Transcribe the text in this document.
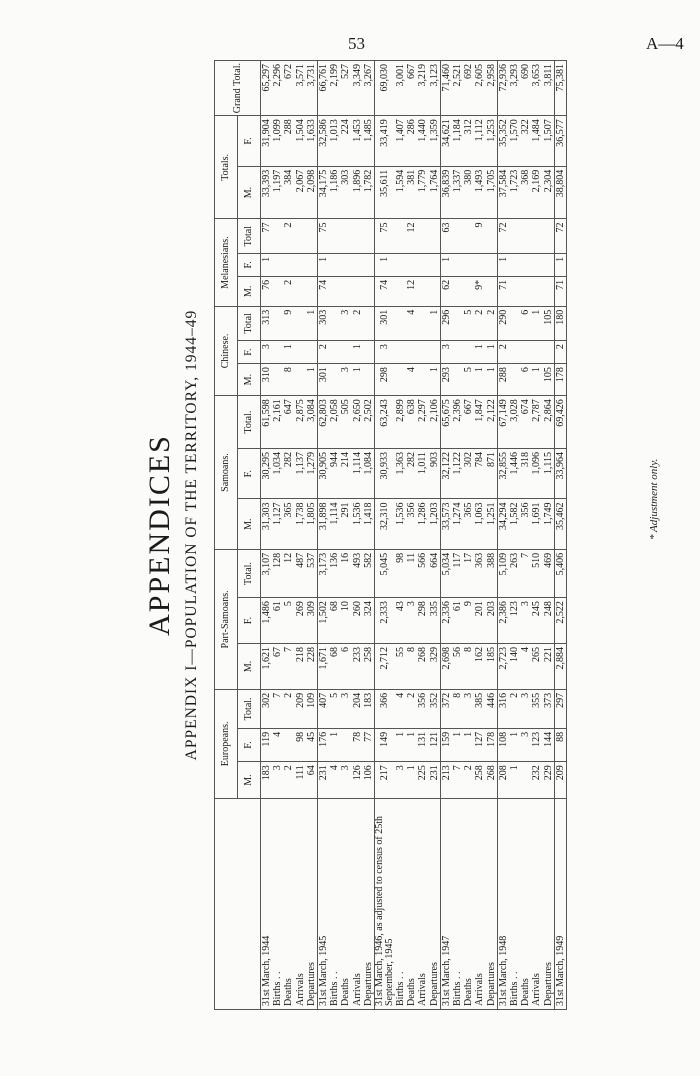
53	A—4
APPENDICES APPENDIX I—POPULATION OF THE TERRITORY, 1944–49
		Europeans.			Part-Samoans.			Samoans.			Chinese.			Melanesians.			Totals.		Grand Total.
	M.	F.	Total.	M.	F.	Total.	M.	F.	Total.	M.	F.	Total	M.	F.	Total	M.	F.	
31st March, 1944	183	119	302	1,621	1,486	3,107	31,303	30,295	61,598	310	3	313	76	1	77	33,393	31,904	65,297
Births . .	3	4	7	67	61	128	1,127	1,034	2,161							1,197	1,099	2,296
Deaths	2		2	7	5	12	365	282	647	8	1	9	2		2	384	288	672
Arrivals	111	98	209	218	269	487	1,738	1,137	2,875							2,067	1,504	3,571
Departures	64	45	109	228	309	537	1,805	1,279	3,084	1		1				2,098	1,633	3,731
31st March, 1945	231	176	407	1,671	1,502	3,173	31,898	30,905	62,803	301	2	303	74	1	75	34,175	32,586	66,761
Births . .	4	1	5	68	68	136	1,114	944	2,058							1,186	1,013	2,199
Deaths	3		3	6	10	16	291	214	505	3		3				303	224	527
Arrivals	126	78	204	233	260	493	1,536	1,114	2,650	1	1	2				1,896	1,453	3,349
Departures	106	77	183	258	324	582	1,418	1,084	2,502							1,782	1,485	3,267
31st March, 1946, as adjusted to census of 25th September, 1945	217	149	366	2,712	2,333	5,045	32,310	30,933	63,243	298	3	301	74	1	75	35,611	33,419	69,030
Births . .	3	1	4	55	43	98	1,536	1,363	2,899							1,594	1,407	3,001
Deaths	1	1	2	8	3	11	356	282	638	4		4	12		12	381	286	667
Arrivals	225	131	356	268	298	566	1,286	1,011	2,297							1,779	1,440	3,219
Departures	231	121	352	329	335	664	1,203	903	2,106	1		1				1,764	1,359	3,123
31st March, 1947	213	159	372	2,698	2,336	5,034	33,573	32,122	65,675	293	3	296	62	1	63	36,839	34,621	71,460
Births . .	7	1	8	56	61	117	1,274	1,122	2,396							1,337	1,184	2,521
Deaths	2	1	3	8	9	17	365	302	667	5		5				380	312	692
Arrivals	258	127	385	162	201	363	1,063	784	1,847	1	1	2	9*		9	1,493	1,112	2,605
Departures	268	178	446	185	203	388	1,251	871	2,122	1	1	2				1,705	1,253	2,958
31st March, 1948	208	108	316	2,723	2,386	5,109	34,294	32,855	67,149	288	2	290	71	1	72	37,584	35,352	72,936
Births . .	1	1	2	140	123	263	1,582	1,446	3,028							1,723	1,570	3,293
Deaths		3	3	4	3	7	356	318	674	6		6				368	322	690
Arrivals	232	123	355	265	245	510	1,691	1,096	2,787	1		1				2,169	1,484	3,653
Departures	229	144	373	221	248	469	1,749	1,115	2,864	105		105				2,304	1,507	3,811
31st March, 1949	209	88	297	2,884	2,522	5,406	35,462	33,964	69,426	178	2	180	71	1	72	38,804	36,577	75,381
* Adjustment only.
